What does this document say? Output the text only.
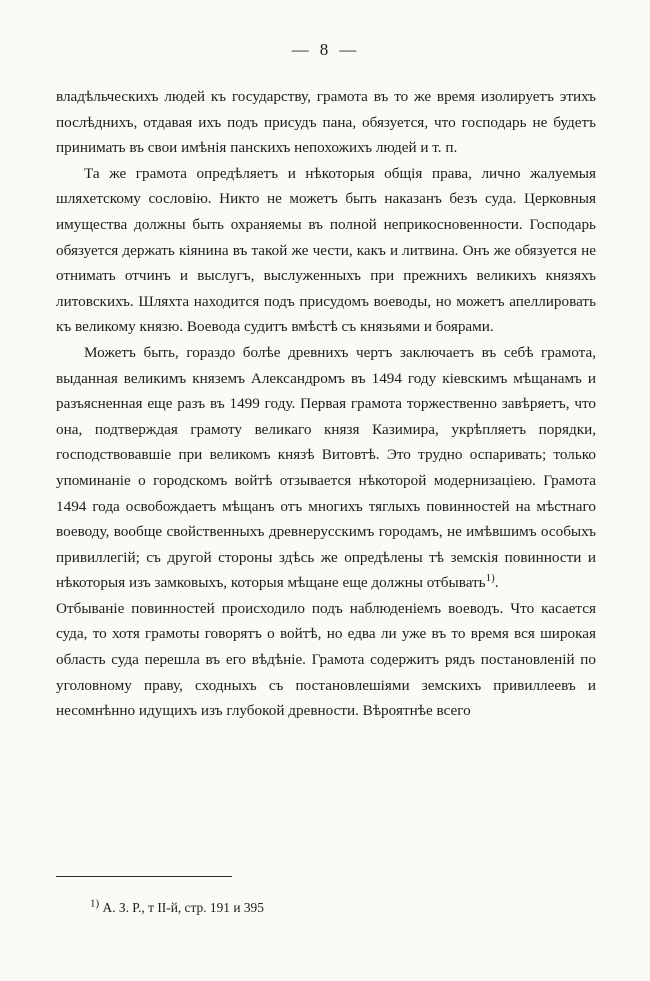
— 8 —

владѣльческихъ людей къ государству, грамота въ то же время изолируетъ этихъ послѣднихъ, отдавая ихъ подъ присудъ пана, обязуется, что господарь не будетъ принимать въ свои имѣнія панскихъ непохожихъ людей и т. п.

Та же грамота опредѣляетъ и нѣкоторыя общія права, лично жалуемыя шляхетскому сословію. Никто не можетъ быть наказанъ безъ суда. Церковныя имущества должны быть охраняемы въ полной неприкосновенности. Господарь обязуется держать кіянина въ такой же чести, какъ и литвина. Онъ же обязуется не отнимать отчинъ и выслугъ, выслуженныхъ при прежнихъ великихъ князяхъ литовскихъ. Шляхта находится подъ присудомъ воеводы, но можетъ апеллировать къ великому князю. Воевода судитъ вмѣстѣ съ князьями и боярами.

Можетъ быть, гораздо болѣе древнихъ чертъ заключаетъ въ себѣ грамота, выданная великимъ княземъ Александромъ въ 1494 году кіевскимъ мѣщанамъ и разъясненная еще разъ въ 1499 году. Первая грамота торжественно завѣряетъ, что она, подтверждая грамоту великаго князя Казимира, укрѣпляетъ порядки, господствовавшіе при великомъ князѣ Витовтѣ. Это трудно оспаривать; только упоминаніе о городскомъ войтѣ отзывается нѣкоторой модернизаціею. Грамота 1494 года освобождаетъ мѣщанъ отъ многихъ тяглыхъ повинностей на мѣстнаго воеводу, вообще свойственныхъ древнерусскимъ городамъ, не имѣвшимъ особыхъ привиллегій; съ другой стороны здѣсь же опредѣлены тѣ земскія повинности и нѣкоторыя изъ замковыхъ, которыя мѣщане еще должны отбывать$^{1)}$.

Отбываніе повинностей происходило подъ наблюденіемъ воеводъ. Что касается суда, то хотя грамоты говорятъ о войтѣ, но едва ли уже въ то время вся широкая область суда перешла въ его вѣдѣніе. Грамота содержитъ рядъ постановленій по уголовному праву, сходныхъ съ постановлешіями земскихъ привиллеевъ и несомнѣнно идущихъ изъ глубокой древности. Вѣроятнѣе всего

$^{1)}$ А. З. Р., т ІІ-й, стр. 191 и 395
